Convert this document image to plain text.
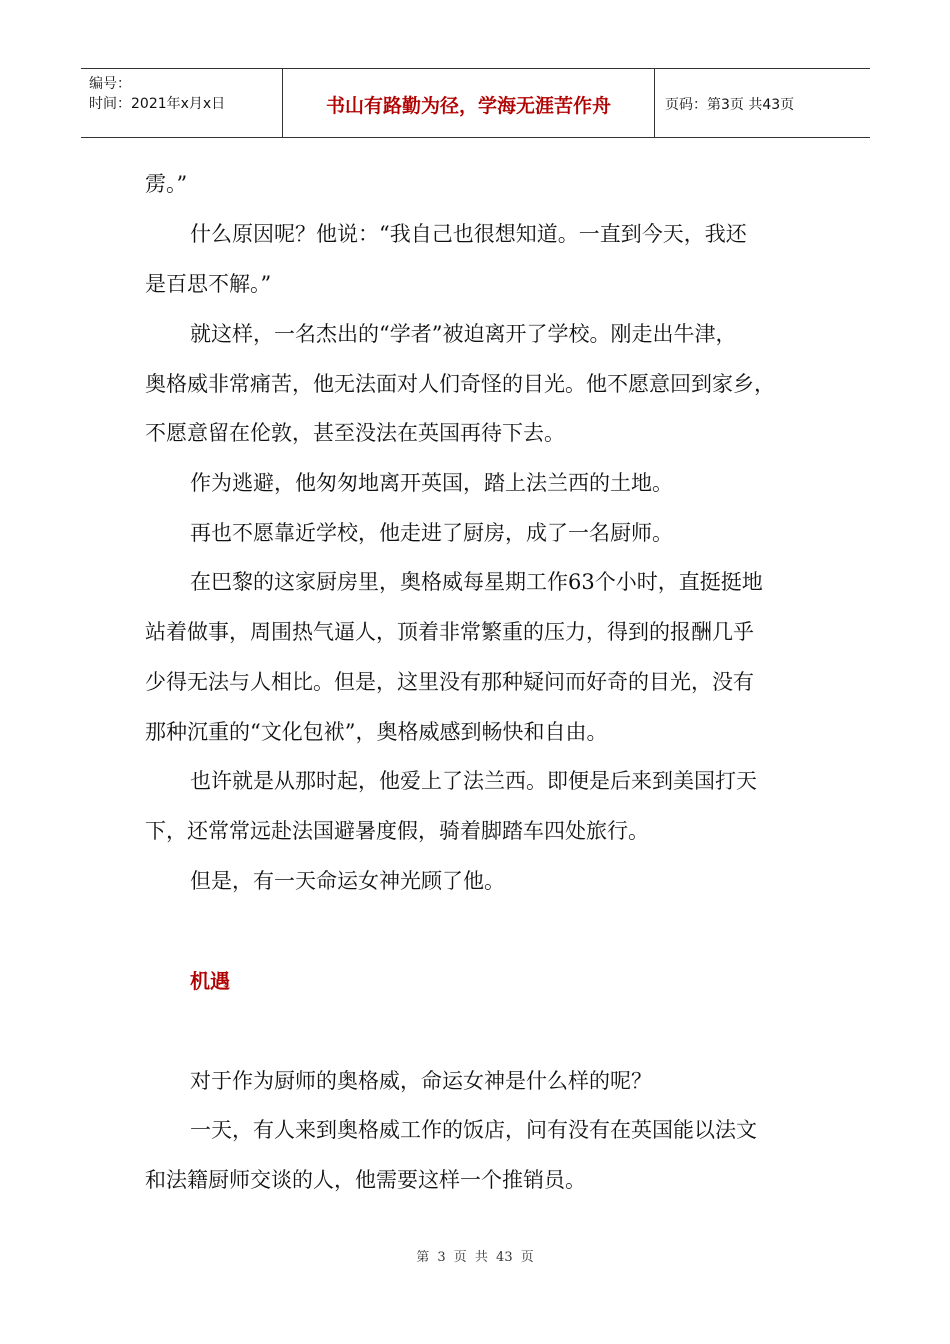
编号：
时间：2021年x月x日	书山有路勤为径，学海无涯苦作舟	页码：第3页 共43页
雳。”
什么原因呢？他说：“我自己也很想知道。一直到今天，我还
是百思不解。”
就这样，一名杰出的“学者”被迫离开了学校。刚走出牛津，
奥格威非常痛苦，他无法面对人们奇怪的目光。他不愿意回到家乡，
不愿意留在伦敦，甚至没法在英国再待下去。
作为逃避，他匆匆地离开英国，踏上法兰西的土地。
再也不愿靠近学校，他走进了厨房，成了一名厨师。
在巴黎的这家厨房里，奥格威每星期工作63个小时，直挺挺地
站着做事，周围热气逼人，顶着非常繁重的压力，得到的报酬几乎
少得无法与人相比。但是，这里没有那种疑问而好奇的目光，没有
那种沉重的“文化包袱”，奥格威感到畅快和自由。
也许就是从那时起，他爱上了法兰西。即便是后来到美国打天
下，还常常远赴法国避暑度假，骑着脚踏车四处旅行。
但是，有一天命运女神光顾了他。
机遇
对于作为厨师的奥格威，命运女神是什么样的呢？
一天，有人来到奥格威工作的饭店，问有没有在英国能以法文
和法籍厨师交谈的人，他需要这样一个推销员。
第 3 页 共 43 页
